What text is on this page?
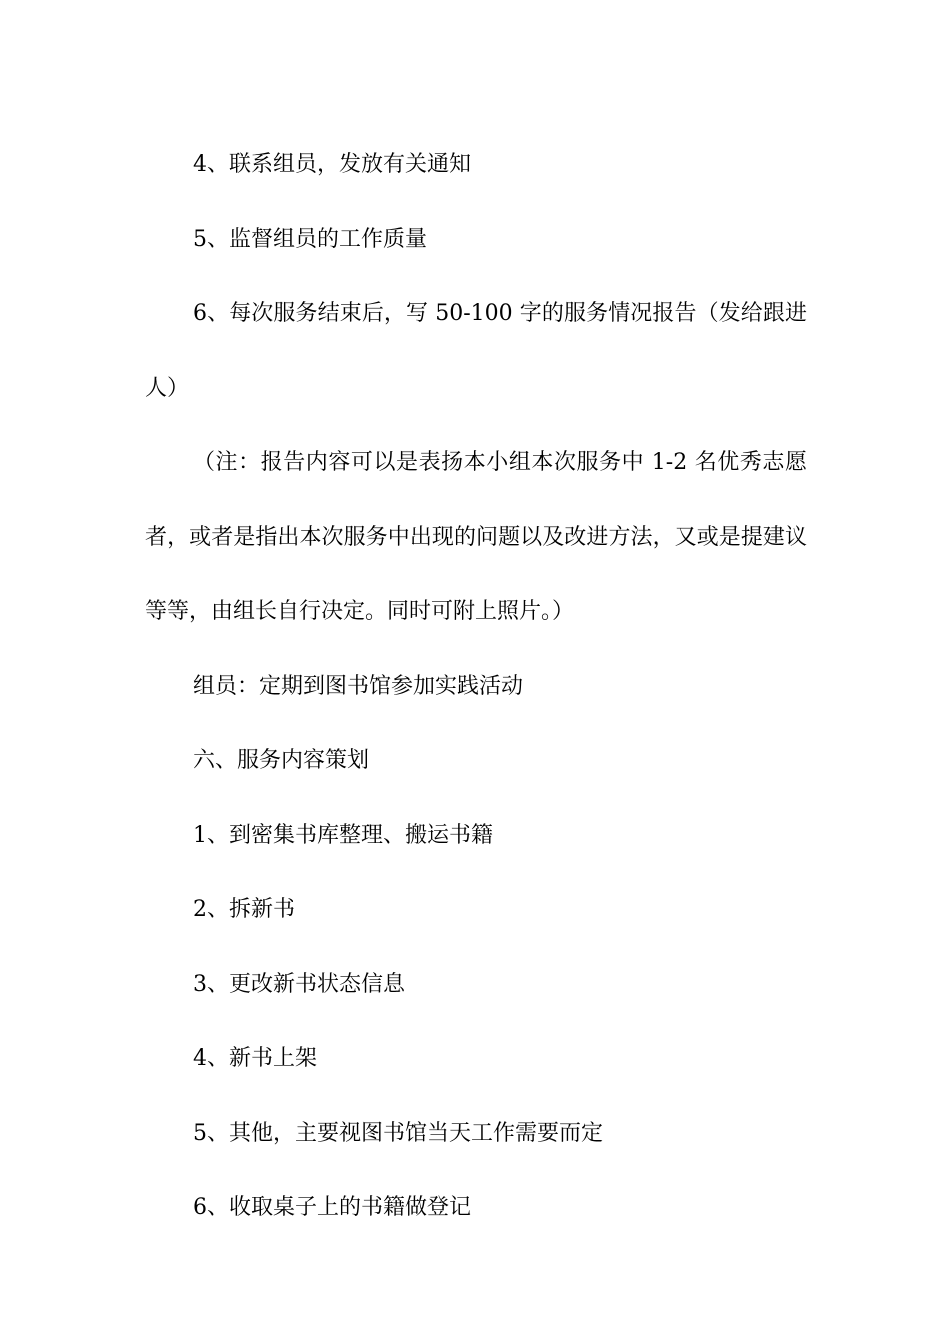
4、联系组员，发放有关通知

5、监督组员的工作质量

6、每次服务结束后，写 50-100 字的服务情况报告（发给跟进人）

（注：报告内容可以是表扬本小组本次服务中 1-2 名优秀志愿者，或者是指出本次服务中出现的问题以及改进方法，又或是提建议等等，由组长自行决定。同时可附上照片。）

组员：定期到图书馆参加实践活动

六、服务内容策划

1、到密集书库整理、搬运书籍

2、拆新书

3、更改新书状态信息

4、新书上架

5、其他，主要视图书馆当天工作需要而定

6、收取桌子上的书籍做登记
